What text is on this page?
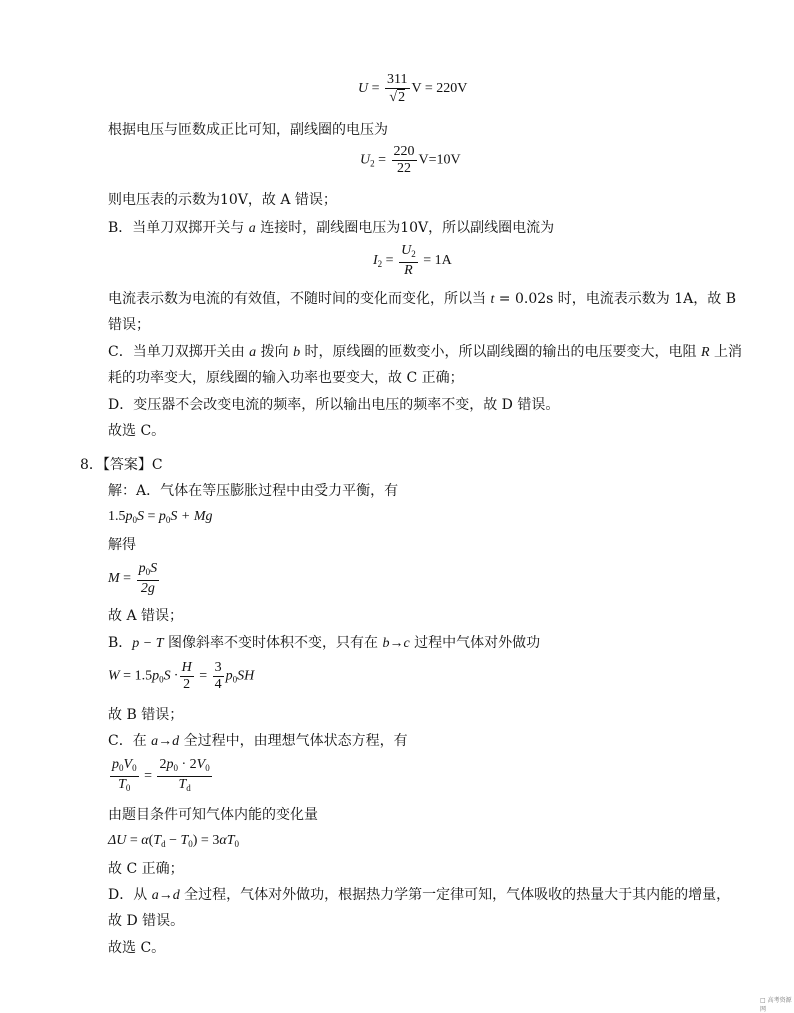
$U = \frac{311}{√2}$ V = 220V
根据电压与匝数成正比可知，副线圈的电压为
$U_2 = \frac{220}{22} V=10V$
则电压表的示数为10V，故 A 错误；
B．当单刀双掷开关与 a 连接时，副线圈电压为10V，所以副线圈电流为
$I_2 = \frac{U_2}{R} = 1A$
电流表示数为电流的有效值，不随时间的变化而变化，所以当 t = 0.02s 时，电流表示数为 1A，故 B
错误；
C．当单刀双掷开关由 a 拨向 b 时，原线圈的匝数变小，所以副线圈的输出的电压要变大，电阻 R 上消
耗的功率变大，原线圈的输入功率也要变大，故 C 正确；
D．变压器不会改变电流的频率，所以输出电压的频率不变，故 D 错误。
故选 C。
8．【答案】C
解：A．气体在等压膨胀过程中由受力平衡，有
$1.5p_0S = p_0S + Mg$
解得
$M = \frac{p_0S}{2g}$
故 A 错误；
B．p − T 图像斜率不变时体积不变，只有在 b→c 过程中气体对外做功
$W = 1.5p_0S \cdot \frac{H}{2} = \frac{3}{4} p_0SH$
故 B 错误；
C．在 a→d 全过程中，由理想气体状态方程，有
$\frac{p_0V_0}{T_0} = \frac{2p_0 \cdot 2V_0}{T_d}$
由题目条件可知气体内能的变化量
$\Delta U = \alpha(T_d - T_0) = 3\alpha T_0$
故 C 正确；
D．从 a→d 全过程，气体对外做功，根据热力学第一定律可知，气体吸收的热量大于其内能的增量，
故 D 错误。
故选 C。
□ 高考资源网
